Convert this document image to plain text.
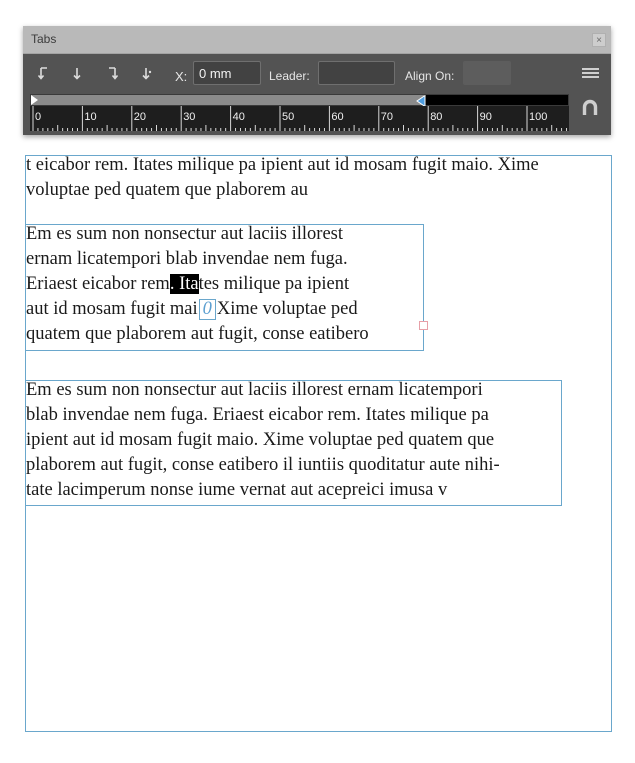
Tabs	×
X:
0 mm	Leader:	Align On:
0	10	20	30	40	50	60	70	80	90	100

t eicabor rem. Itates milique pa ipient aut id mosam fugit maio. Xime
voluptae ped quatem que plaborem au

Em es sum non nonsectur aut laciis illorest
ernam licatempori blab invendae nem fuga.
Eriaest eicabor rem. Itates milique pa ipient
aut id mosam fugit mai 0 Xime voluptae ped
quatem que plaborem aut fugit, conse eatibero

Em es sum non nonsectur aut laciis illorest ernam licatempori
blab invendae nem fuga. Eriaest eicabor rem. Itates milique pa
ipient aut id mosam fugit maio. Xime voluptae ped quatem que
plaborem aut fugit, conse eatibero il iuntiis quoditatur aute nihi-
tate lacimperum nonse iume vernat aut acepreici imusa v
